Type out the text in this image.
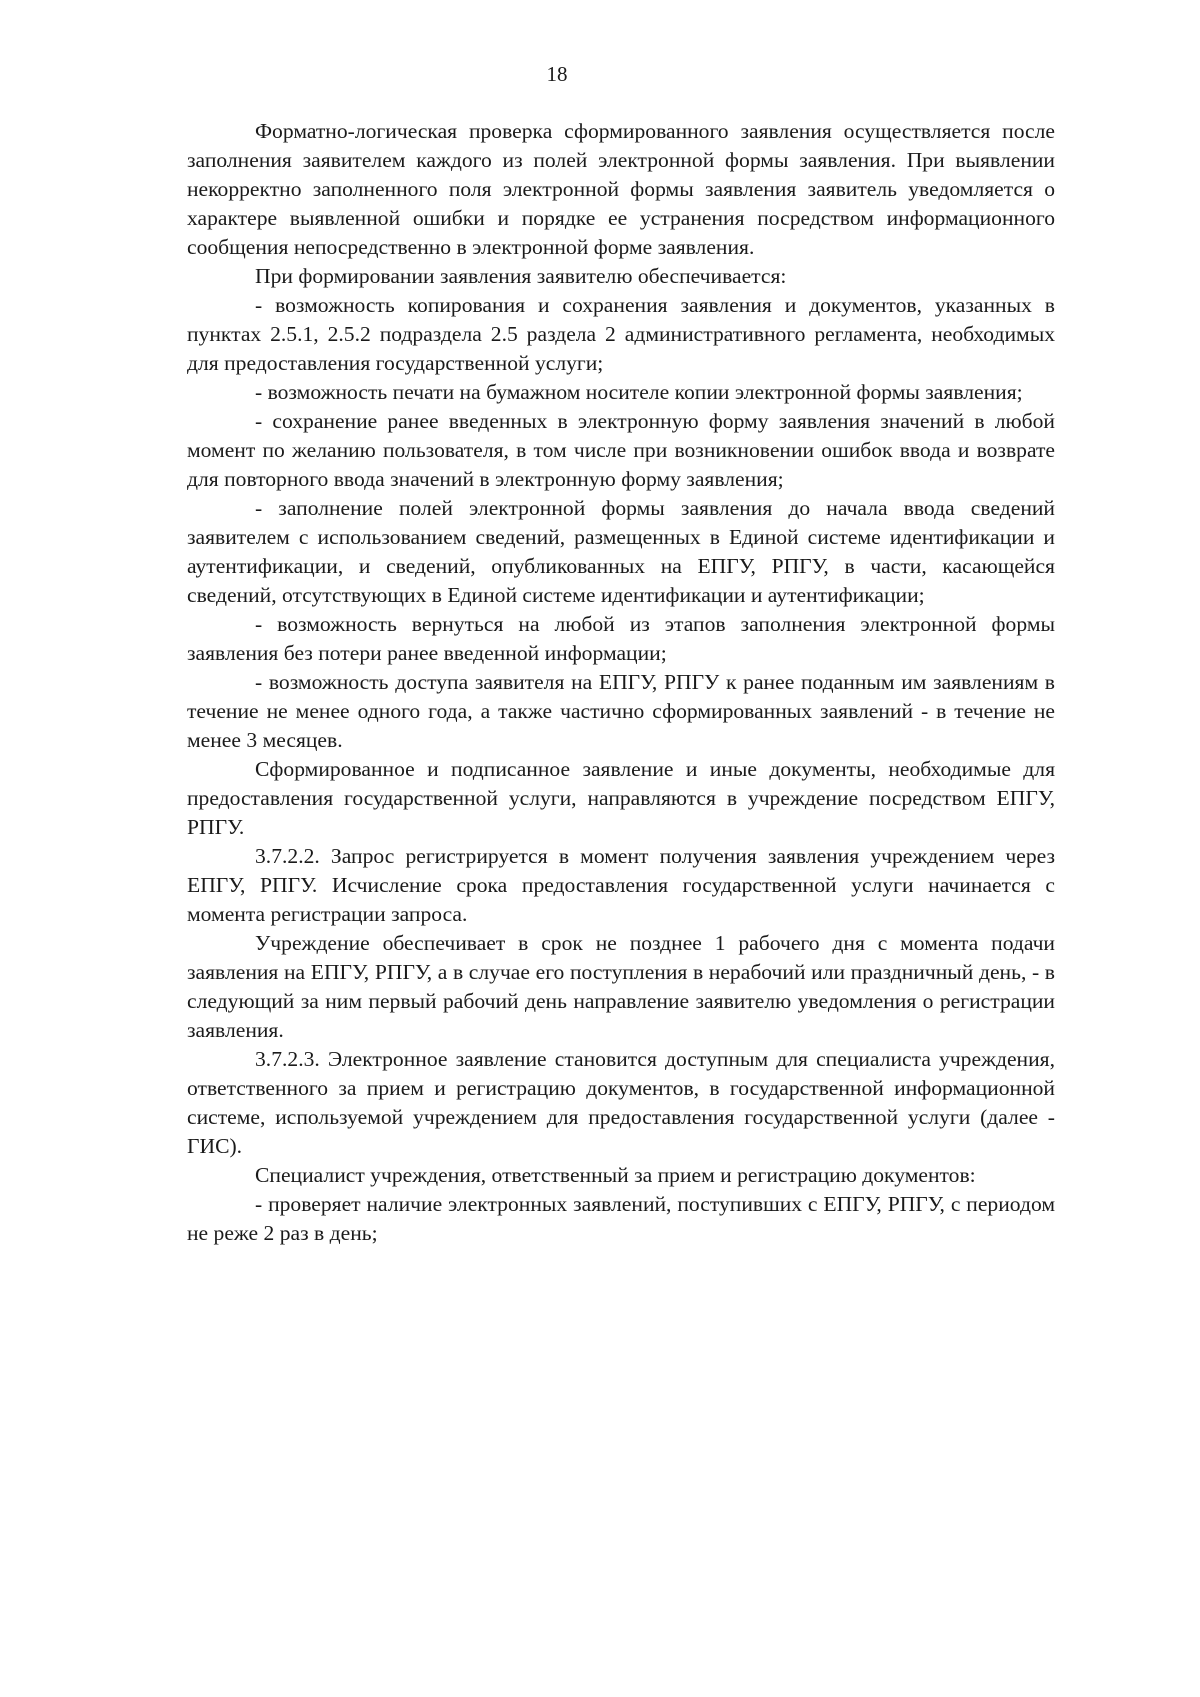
18

Форматно-логическая проверка сформированного заявления осуществляется после заполнения заявителем каждого из полей электронной формы заявления. При выявлении некорректно заполненного поля электронной формы заявления заявитель уведомляется о характере выявленной ошибки и порядке ее устранения посредством информационного сообщения непосредственно в электронной форме заявления.

При формировании заявления заявителю обеспечивается:

- возможность копирования и сохранения заявления и документов, указанных в пунктах 2.5.1, 2.5.2 подраздела 2.5 раздела 2 административного регламента, необходимых для предоставления государственной услуги;

- возможность печати на бумажном носителе копии электронной формы заявления;

- сохранение ранее введенных в электронную форму заявления значений в любой момент по желанию пользователя, в том числе при возникновении ошибок ввода и возврате для повторного ввода значений в электронную форму заявления;

- заполнение полей электронной формы заявления до начала ввода сведений заявителем с использованием сведений, размещенных в Единой системе идентификации и аутентификации, и сведений, опубликованных на ЕПГУ, РПГУ, в части, касающейся сведений, отсутствующих в Единой системе идентификации и аутентификации;

- возможность вернуться на любой из этапов заполнения электронной формы заявления без потери ранее введенной информации;

- возможность доступа заявителя на ЕПГУ, РПГУ к ранее поданным им заявлениям в течение не менее одного года, а также частично сформированных заявлений - в течение не менее 3 месяцев.

Сформированное и подписанное заявление и иные документы, необходимые для предоставления государственной услуги, направляются в учреждение посредством ЕПГУ, РПГУ.

3.7.2.2. Запрос регистрируется в момент получения заявления учреждением через ЕПГУ, РПГУ. Исчисление срока предоставления государственной услуги начинается с момента регистрации запроса.

Учреждение обеспечивает в срок не позднее 1 рабочего дня с момента подачи заявления на ЕПГУ, РПГУ, а в случае его поступления в нерабочий или праздничный день, - в следующий за ним первый рабочий день направление заявителю уведомления о регистрации заявления.

3.7.2.3. Электронное заявление становится доступным для специалиста учреждения, ответственного за прием и регистрацию документов, в государственной информационной системе, используемой учреждением для предоставления государственной услуги (далее - ГИС).

Специалист учреждения, ответственный за прием и регистрацию документов:

- проверяет наличие электронных заявлений, поступивших с ЕПГУ, РПГУ, с периодом не реже 2 раз в день;
